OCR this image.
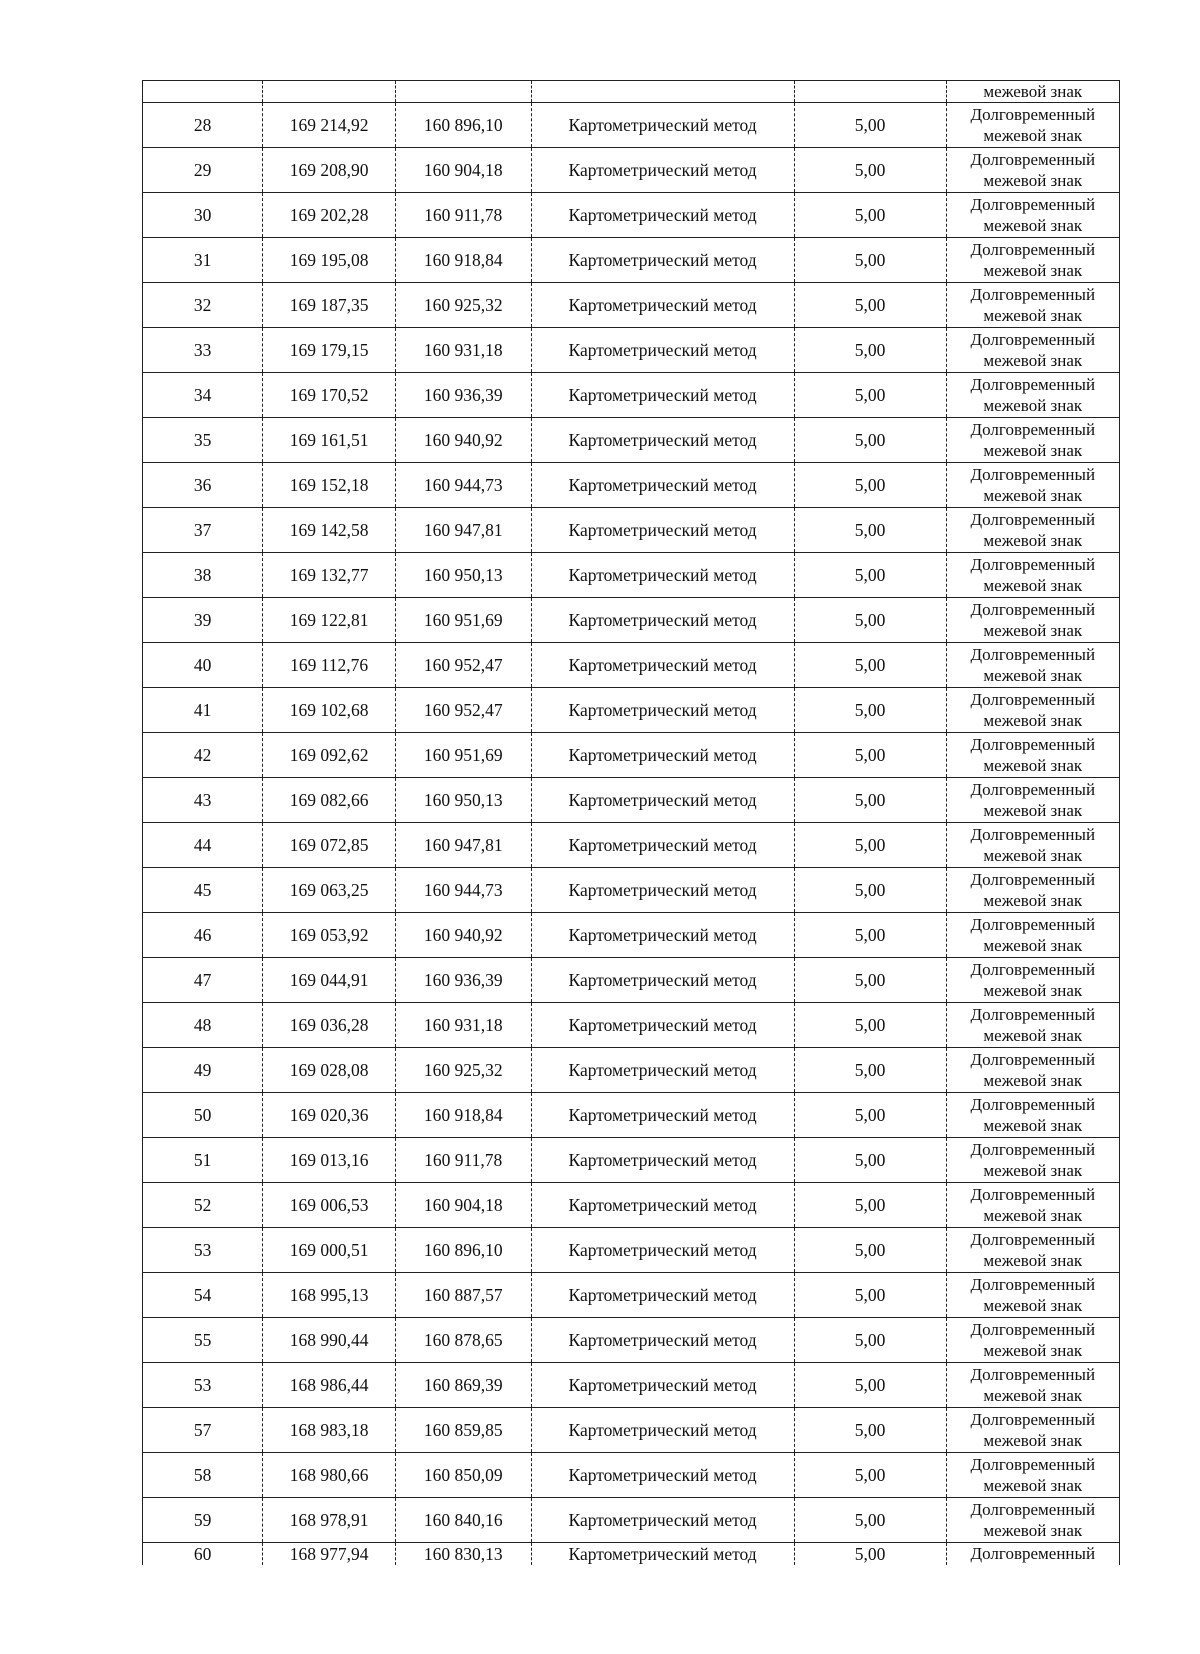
					межевой знак

28	169 214,92	160 896,10	Картометрический метод	5,00	Долговременный
межевой знак

29	169 208,90	160 904,18	Картометрический метод	5,00	Долговременный
межевой знак

30	169 202,28	160 911,78	Картометрический метод	5,00	Долговременный
межевой знак

31	169 195,08	160 918,84	Картометрический метод	5,00	Долговременный
межевой знак

32	169 187,35	160 925,32	Картометрический метод	5,00	Долговременный
межевой знак

33	169 179,15	160 931,18	Картометрический метод	5,00	Долговременный
межевой знак

34	169 170,52	160 936,39	Картометрический метод	5,00	Долговременный
межевой знак

35	169 161,51	160 940,92	Картометрический метод	5,00	Долговременный
межевой знак

36	169 152,18	160 944,73	Картометрический метод	5,00	Долговременный
межевой знак

37	169 142,58	160 947,81	Картометрический метод	5,00	Долговременный
межевой знак

38	169 132,77	160 950,13	Картометрический метод	5,00	Долговременный
межевой знак

39	169 122,81	160 951,69	Картометрический метод	5,00	Долговременный
межевой знак

40	169 112,76	160 952,47	Картометрический метод	5,00	Долговременный
межевой знак

41	169 102,68	160 952,47	Картометрический метод	5,00	Долговременный
межевой знак

42	169 092,62	160 951,69	Картометрический метод	5,00	Долговременный
межевой знак

43	169 082,66	160 950,13	Картометрический метод	5,00	Долговременный
межевой знак

44	169 072,85	160 947,81	Картометрический метод	5,00	Долговременный
межевой знак

45	169 063,25	160 944,73	Картометрический метод	5,00	Долговременный
межевой знак

46	169 053,92	160 940,92	Картометрический метод	5,00	Долговременный
межевой знак

47	169 044,91	160 936,39	Картометрический метод	5,00	Долговременный
межевой знак

48	169 036,28	160 931,18	Картометрический метод	5,00	Долговременный
межевой знак

49	169 028,08	160 925,32	Картометрический метод	5,00	Долговременный
межевой знак

50	169 020,36	160 918,84	Картометрический метод	5,00	Долговременный
межевой знак

51	169 013,16	160 911,78	Картометрический метод	5,00	Долговременный
межевой знак

52	169 006,53	160 904,18	Картометрический метод	5,00	Долговременный
межевой знак

53	169 000,51	160 896,10	Картометрический метод	5,00	Долговременный
межевой знак

54	168 995,13	160 887,57	Картометрический метод	5,00	Долговременный
межевой знак

55	168 990,44	160 878,65	Картометрический метод	5,00	Долговременный
межевой знак

53	168 986,44	160 869,39	Картометрический метод	5,00	Долговременный
межевой знак

57	168 983,18	160 859,85	Картометрический метод	5,00	Долговременный
межевой знак

58	168 980,66	160 850,09	Картометрический метод	5,00	Долговременный
межевой знак

59	168 978,91	160 840,16	Картометрический метод	5,00	Долговременный
межевой знак

60	168 977,94	160 830,13	Картометрический метод	5,00	Долговременный
